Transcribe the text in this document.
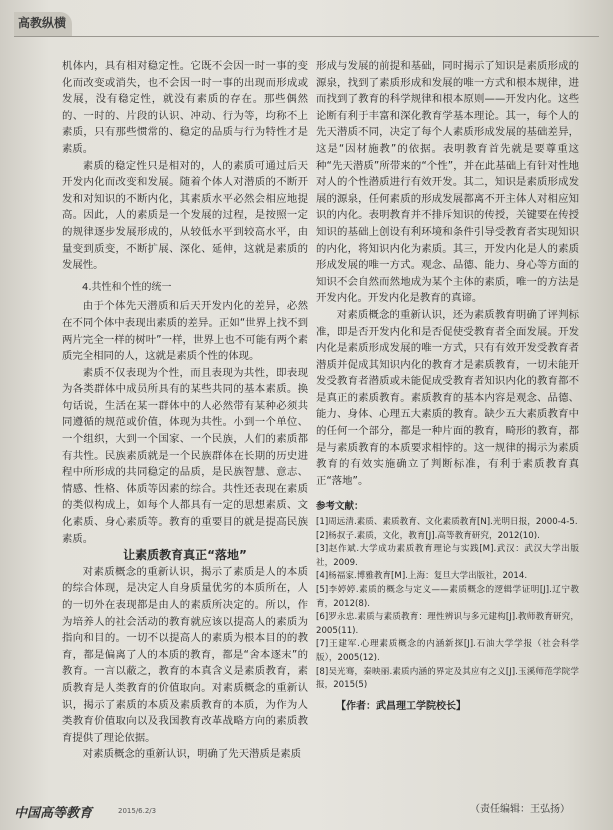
高教纵横

机体内，具有相对稳定性。它既不会因一时一事的变化而改变或消失，也不会因一时一事的出现而形成或发展，没有稳定性，就没有素质的存在。那些偶然的、一时的、片段的认识、冲动、行为等，均称不上素质，只有那些惯常的、稳定的品质与行为特性才是素质。

素质的稳定性只是相对的，人的素质可通过后天开发内化而改变和发展。随着个体人对潜质的不断开发和对知识的不断内化，其素质水平必然会相应地提高。因此，人的素质是一个发展的过程，是按照一定的规律逐步发展形成的，从较低水平到较高水平，由量变到质变，不断扩展、深化、延伸，这就是素质的发展性。

4.共性和个性的统一

由于个体先天潜质和后天开发内化的差异，必然在不同个体中表现出素质的差异。正如“世界上找不到两片完全一样的树叶”一样，世界上也不可能有两个素质完全相同的人，这就是素质个性的体现。

素质不仅表现为个性，而且表现为共性，即表现为各类群体中成员所具有的某些共同的基本素质。换句话说，生活在某一群体中的人必然带有某种必须共同遵循的规范或价值，体现为共性。小到一个单位、一个组织，大到一个国家、一个民族，人们的素质都有共性。民族素质就是一个民族群体在长期的历史进程中所形成的共同稳定的品质，是民族智慧、意志、情感、性格、体质等因素的综合。共性还表现在素质的类似构成上，如每个人都具有一定的思想素质、文化素质、身心素质等。教育的重要目的就是提高民族素质。

让素质教育真正“落地”

对素质概念的重新认识，揭示了素质是人的本质的综合体现，是决定人自身质量优劣的本质所在，人的一切外在表现都是由人的素质所决定的。所以，作为培养人的社会活动的教育就应该以提高人的素质为指向和目的。一切不以提高人的素质为根本目的的教育，都是偏离了人的本质的教育，都是“舍本逐末”的教育。一言以蔽之，教育的本真含义是素质教育，素质教育是人类教育的价值取向。对素质概念的重新认识，揭示了素质的本质及素质教育的本质，为作为人类教育价值取向以及我国教育改革战略方向的素质教育提供了理论依据。

对素质概念的重新认识，明确了先天潜质是素质

形成与发展的前提和基础，同时揭示了知识是素质形成的源泉，找到了素质形成和发展的唯一方式和根本规律，进而找到了教育的科学规律和根本原则——开发内化。这些论断有利于丰富和深化教育学基本理论。其一，每个人的先天潜质不同，决定了每个人素质形成发展的基础差异，这是“因材施教”的依据。表明教育首先就是要尊重这种“先天潜质”所带来的“个性”，并在此基础上有针对性地对人的个性潜质进行有效开发。其二，知识是素质形成发展的源泉，任何素质的形成发展都离不开主体人对相应知识的内化。表明教育并不排斥知识的传授，关键要在传授知识的基础上创设有利环境和条件引导受教育者实现知识的内化，将知识内化为素质。其三，开发内化是人的素质形成发展的唯一方式。观念、品德、能力、身心等方面的知识不会自然而然地成为某个主体的素质，唯一的方法是开发内化。开发内化是教育的真谛。

对素质概念的重新认识，还为素质教育明确了评判标准，即是否开发内化和是否促使受教育者全面发展。开发内化是素质形成发展的唯一方式，只有有效开发受教育者潜质并促成其知识内化的教育才是素质教育，一切未能开发受教育者潜质或未能促成受教育者知识内化的教育都不是真正的素质教育。素质教育的基本内容是观念、品德、能力、身体、心理五大素质的教育。缺少五大素质教育中的任何一个部分，都是一种片面的教育，畸形的教育，都是与素质教育的本质要求相悖的。这一规律的揭示为素质教育的有效实施确立了判断标准，有利于素质教育真正“落地”。

参考文献：
[1]周远清.素质、素质教育、文化素质教育[N].光明日报，2000-4-5.
[2]杨叔子.素质，文化，教育[J].高等教育研究，2012(10).
[3]赵作斌.大学成功素质教育理论与实践[M].武汉：武汉大学出版社，2009.
[4]杨福家.博雅教育[M].上海：复旦大学出版社，2014.
[5]李婷婷.素质的概念与定义——素质概念的逻辑学证明[J].辽宁教育，2012(8).
[6]罗永忠.素质与素质教育：理性辨识与多元建构[J].教师教育研究，2005(11).
[7]王建军.心理素质概念的内涵新探[J].石油大学学报（社会科学版），2005(12).
[8]吴光骞，秦映丽.素质内涵的界定及其应有之义[J].玉溪师范学院学报，2015(5)
【作者：武昌理工学院校长】
中国高等教育	2015/6.2/3	（责任编辑：王弘扬）
